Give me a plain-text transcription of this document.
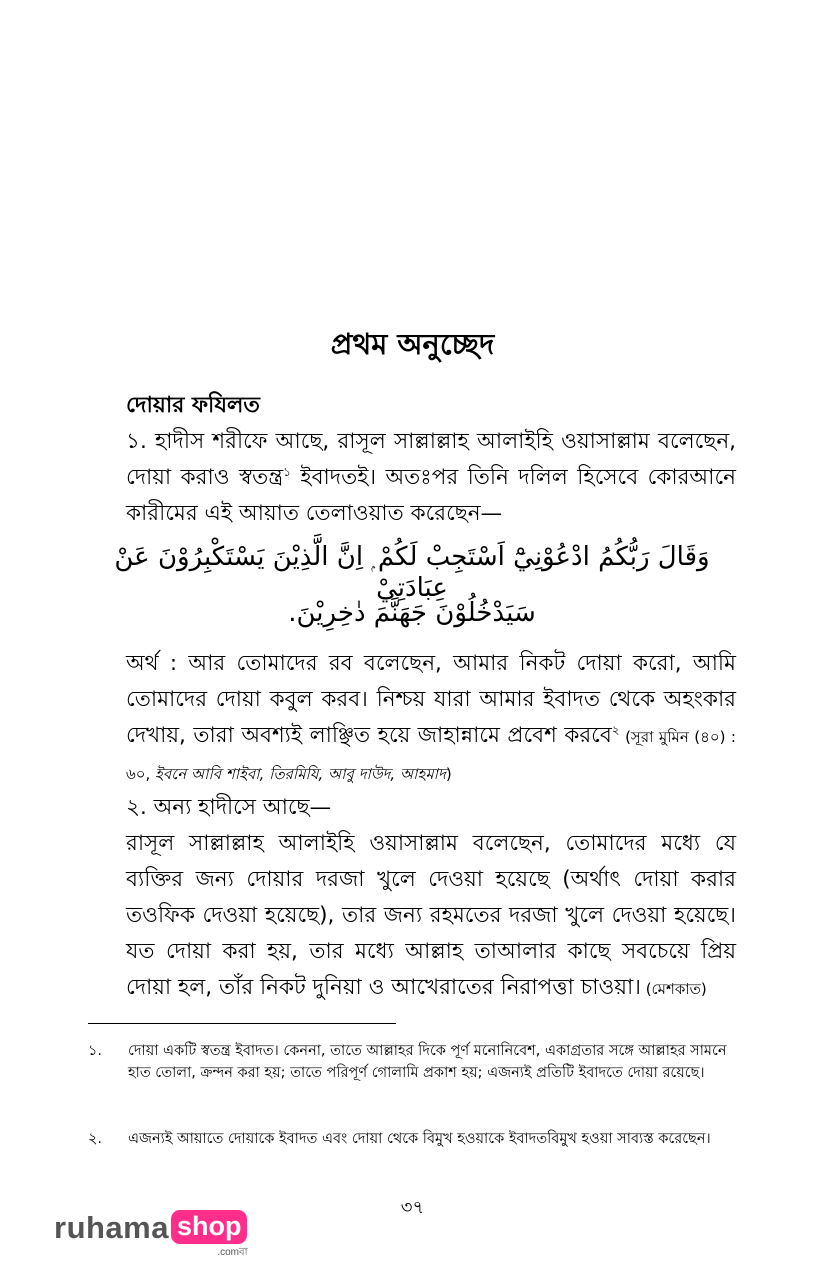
প্রথম অনুচ্ছেদ
দোয়ার ফযিলত
১. হাদীস শরীফে আছে, রাসূল সাল্লাল্লাহ আলাইহি ওয়াসাল্লাম বলেছেন, দোয়া করাও স্বতন্ত্র$^১$ ইবাদতই। অতঃপর তিনি দলিল হিসেবে কোরআনে কারীমের এই আয়াত তেলাওয়াত করেছেন—
وَقَالَ رَبُّكُمُ ادْعُوْنِيْٓ اَسْتَجِبْ لَكُمْ ۭ اِنَّ الَّذِيْنَ يَسْتَكْبِرُوْنَ عَنْ عِبَادَتِيْ
سَيَدْخُلُوْنَ جَهَنَّمَ دٰخِرِيْنَ.
অর্থ : আর তোমাদের রব বলেছেন, আমার নিকট দোয়া করো, আমি তোমাদের দোয়া কবুল করব। নিশ্চয় যারা আমার ইবাদত থেকে অহংকার দেখায়, তারা অবশ্যই লাঞ্ছিত হয়ে জাহান্নামে প্রবেশ করবে$^২$ (সূরা মুমিন (৪০) : ৬০, ইবনে আবি শাইবা, তিরমিযি, আবু দাউদ, আহমাদ)
২. অন্য হাদীসে আছে—
রাসূল সাল্লাল্লাহ আলাইহি ওয়াসাল্লাম বলেছেন, তোমাদের মধ্যে যে ব্যক্তির জন্য দোয়ার দরজা খুলে দেওয়া হয়েছে (অর্থাৎ দোয়া করার তওফিক দেওয়া হয়েছে), তার জন্য রহমতের দরজা খুলে দেওয়া হয়েছে। যত দোয়া করা হয়, তার মধ্যে আল্লাহ তাআলার কাছে সবচেয়ে প্রিয় দোয়া হল, তাঁর নিকট দুনিয়া ও আখেরাতের নিরাপত্তা চাওয়া। (মেশকাত)
১.	দোয়া একটি স্বতন্ত্র ইবাদত। কেননা, তাতে আল্লাহর দিকে পূর্ণ মনোনিবেশ, একাগ্রতার সঙ্গে আল্লাহর সামনে হাত তোলা, ক্রন্দন করা হয়; তাতে পরিপূর্ণ গোলামি প্রকাশ হয়; এজন্যই প্রতিটি ইবাদতে দোয়া রয়েছে।
২.	এজন্যই আয়াতে দোয়াকে ইবাদত এবং দোয়া থেকে বিমুখ হওয়াকে ইবাদতবিমুখ হওয়া সাব্যস্ত করেছেন।
৩৭
ruhama shop
.comবা
